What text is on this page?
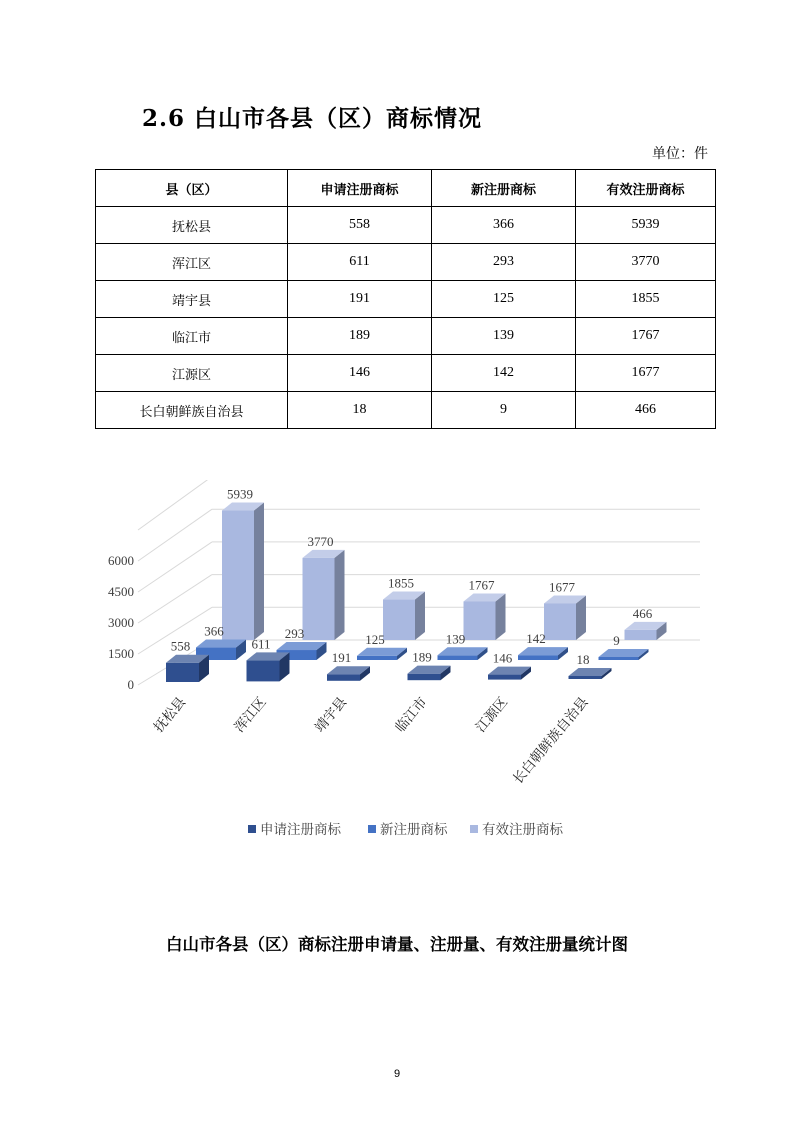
2.6 白山市各县（区）商标情况
单位：件
县（区）	申请注册商标	新注册商标	有效注册商标
抚松县	558	366	5939
浑江区	611	293	3770
靖宇县	191	125	1855
临江市	189	139	1767
江源区	146	142	1677
长白朝鲜族自治县	18	9	466
0
1500
3000
4500
6000
5939
3770
1855	1767	1677
466
366	293	125	139	142	9
558	611
191	189	146	18
抚松县	浑江区	靖宇县	临江市	江源区
长白朝鲜族自治县
申请注册商标	新注册商标	有效注册商标
白山市各县（区）商标注册申请量、注册量、有效注册量统计图
9
